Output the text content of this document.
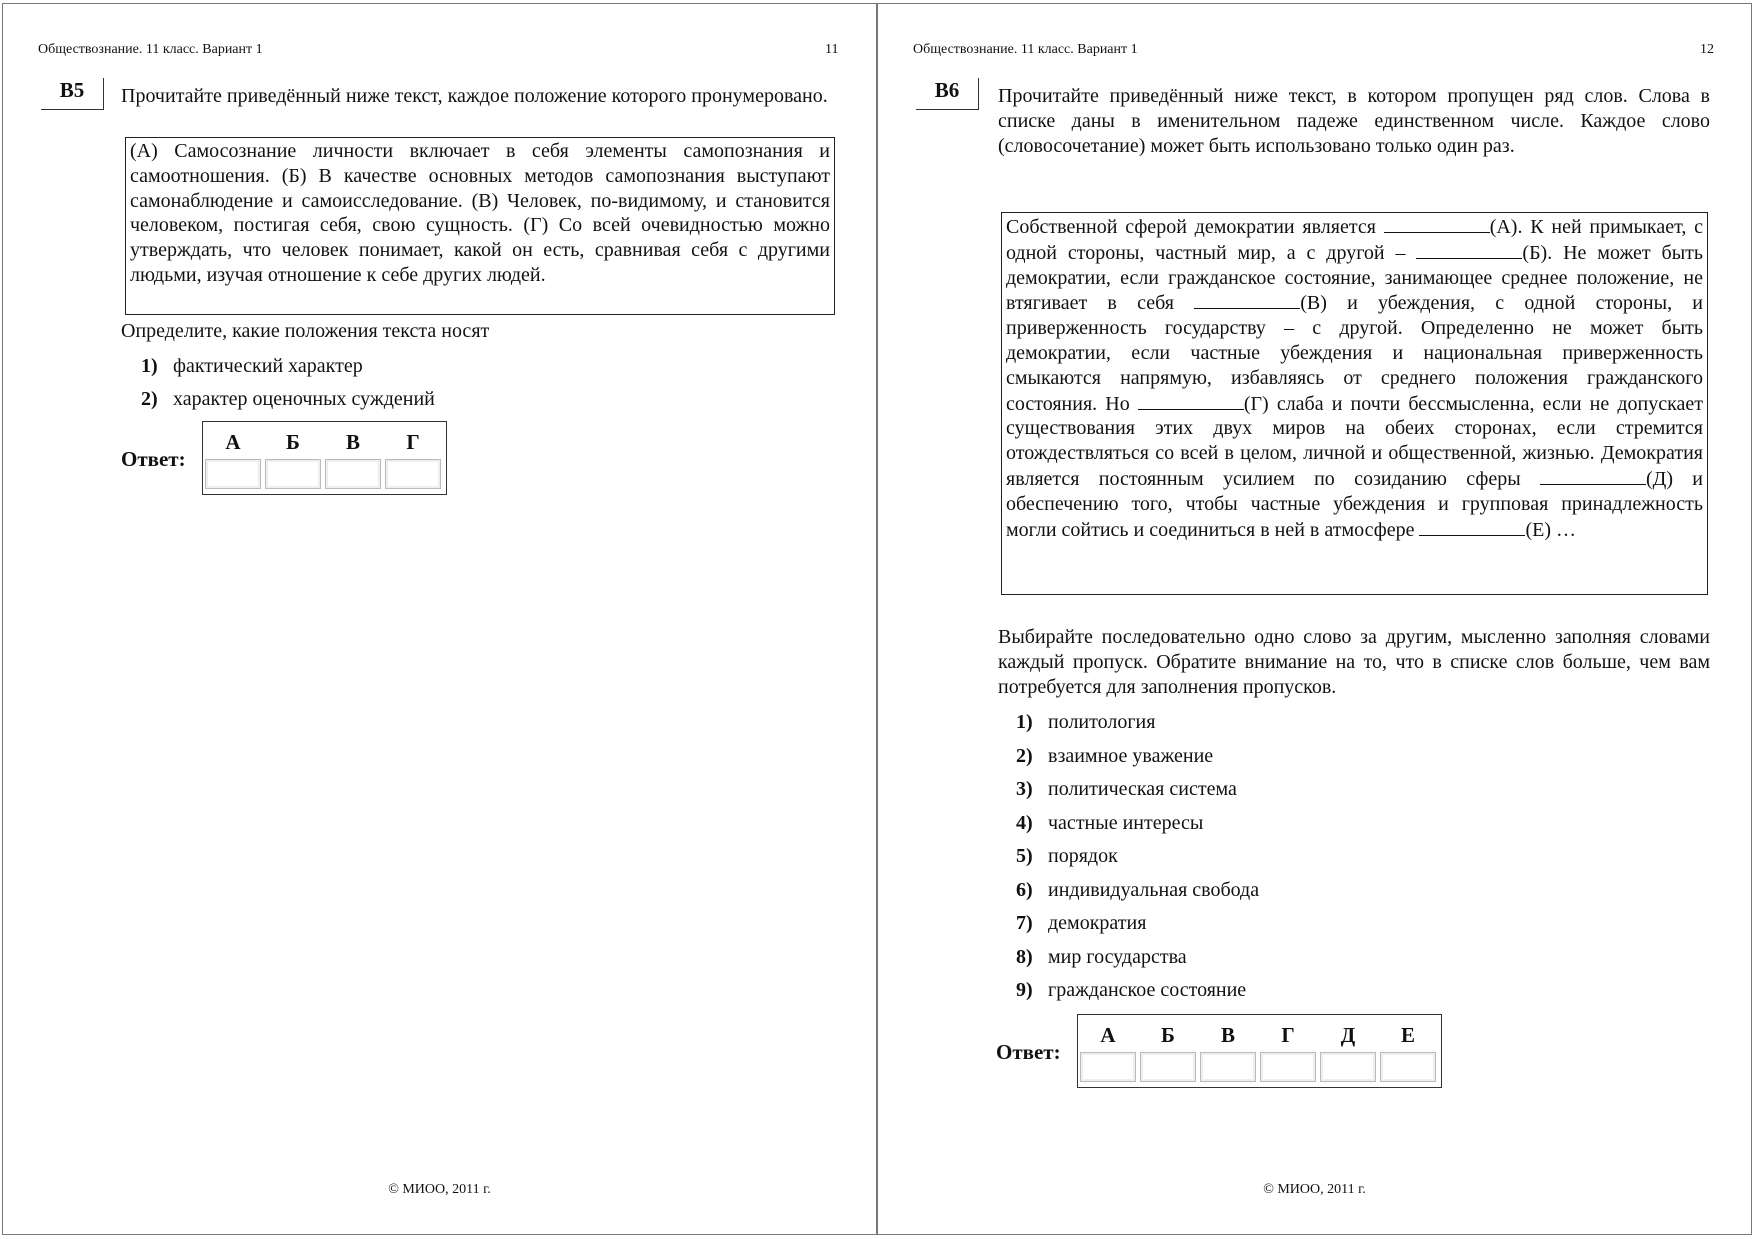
Обществознание. 11 класс. Вариант 1	11
B5	Прочитайте приведённый ниже текст, каждое положение которого пронумеровано.
(А) Самосознание личности включает в себя элементы самопознания и самоотношения. (Б) В качестве основных методов самопознания выступают самонаблюдение и самоисследование. (В) Человек, по-видимому, и становится человеком, постигая себя, свою сущность. (Г) Со всей очевидностью можно утверждать, что человек понимает, какой он есть, сравнивая себя с другими людьми, изучая отношение к себе других людей.
Определите, какие положения текста носят
1) фактический характер
2) характер оценочных суждений
Ответ:
А Б В Г
© МИОО, 2011 г.
Обществознание. 11 класс. Вариант 1	12
B6	Прочитайте приведённый ниже текст, в котором пропущен ряд слов. Слова в списке даны в именительном падеже единственном числе. Каждое слово (словосочетание) может быть использовано только один раз.
Собственной сферой демократии является	(А). К ней примыкает, с одной стороны, частный мир, а с другой –	(Б). Не может быть демократии, если гражданское состояние, занимающее среднее положение, не втягивает в себя	(В) и убеждения, с одной стороны, и приверженность государству – с другой. Определенно не может быть демократии, если частные убеждения и национальная приверженность смыкаются напрямую, избавляясь от среднего положения гражданского состояния. Но	(Г) слаба и почти бессмысленна, если не допускает существования этих двух миров на обеих сторонах, если стремится отождествляться со всей в целом, личной и общественной, жизнью. Демократия является постоянным усилием по созиданию сферы	(Д) и обеспечению того, чтобы частные убеждения и групповая принадлежность могли сойтись и соединиться в ней в атмосфере	(Е) …
Выбирайте последовательно одно слово за другим, мысленно заполняя словами каждый пропуск. Обратите внимание на то, что в списке слов больше, чем вам потребуется для заполнения пропусков.
1) политология
2) взаимное уважение
3) политическая система
4) частные интересы
5) порядок
6) индивидуальная свобода
7) демократия
8) мир государства
9) гражданское состояние
Ответ:
А Б В Г Д Е
© МИОО, 2011 г.
